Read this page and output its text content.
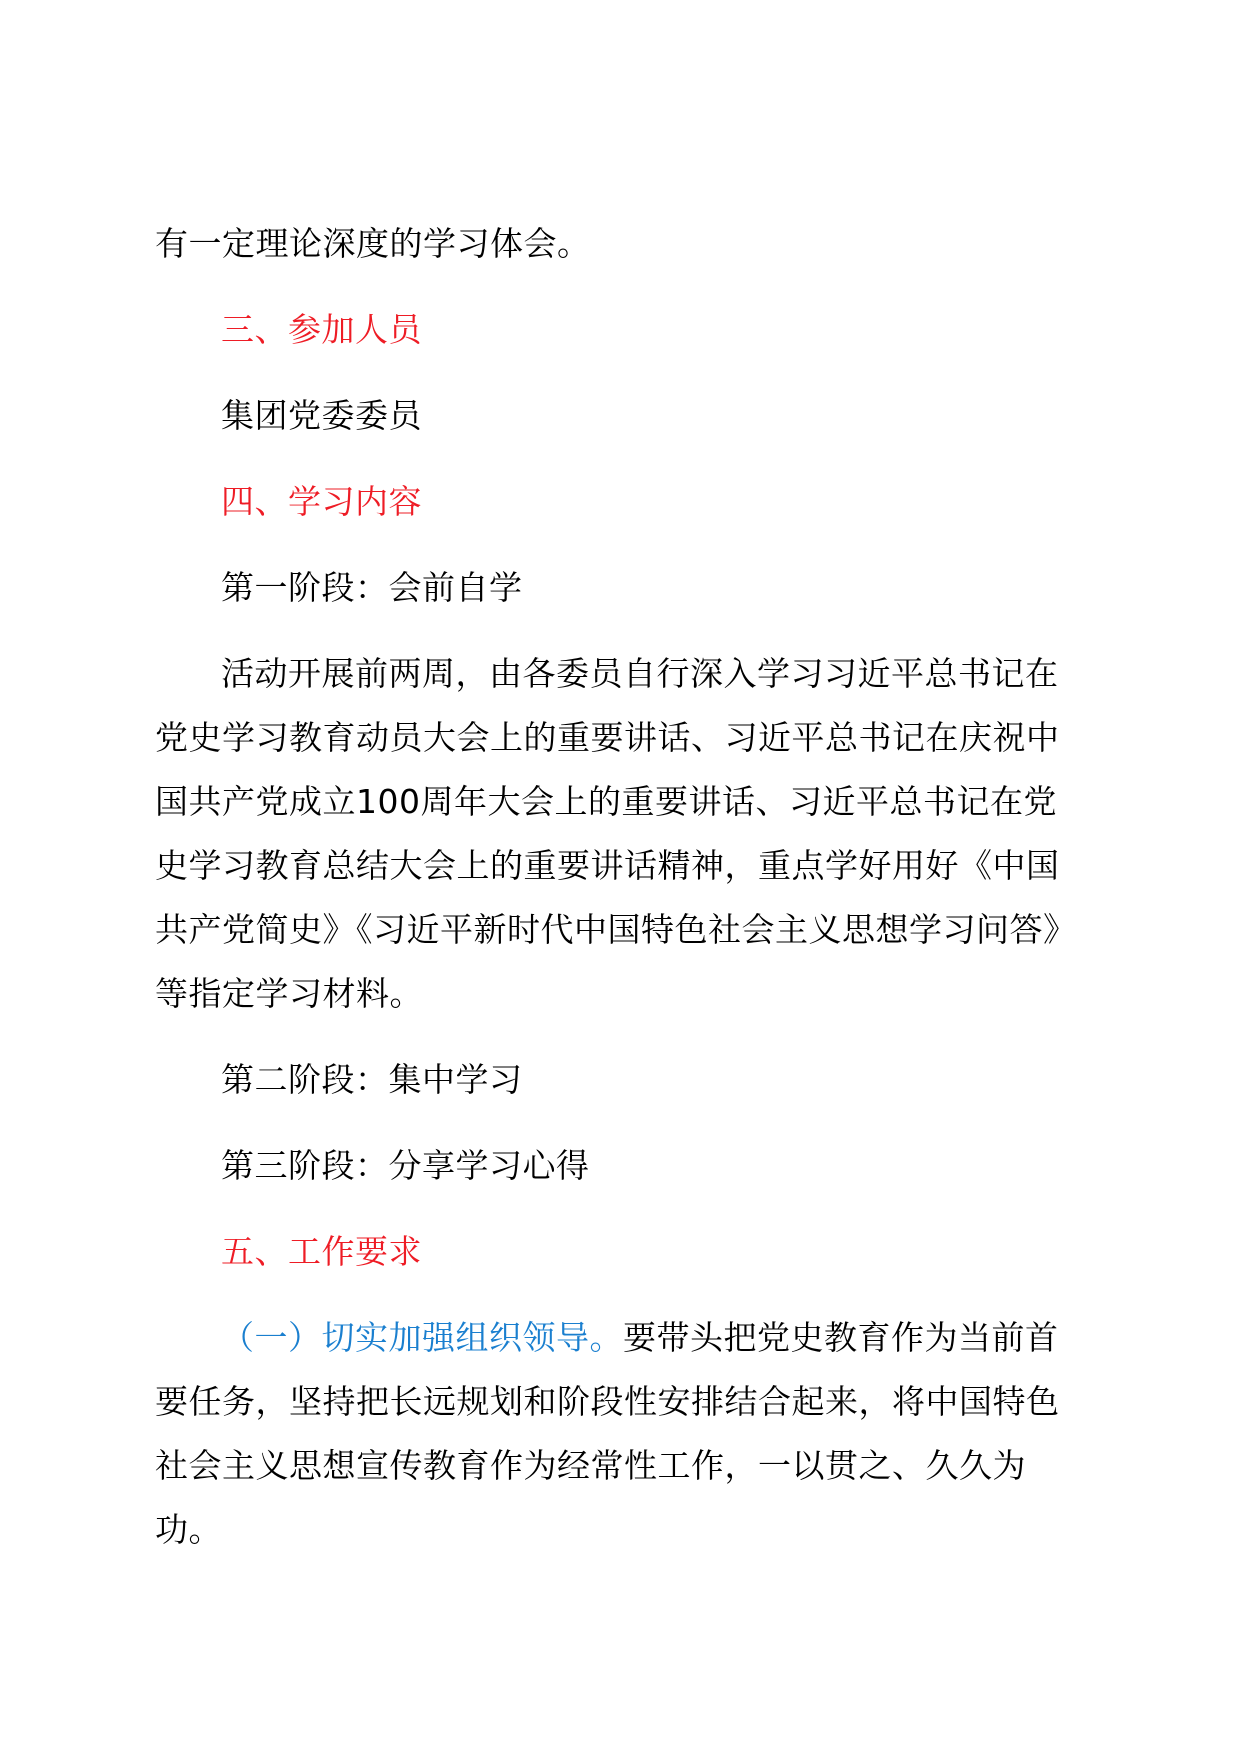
有一定理论深度的学习体会。

三、参加人员

集团党委委员

四、学习内容

第一阶段：会前自学

活动开展前两周，由各委员自行深入学习习近平总书记在党史学习教育动员大会上的重要讲话、习近平总书记在庆祝中国共产党成立100周年大会上的重要讲话、习近平总书记在党史学习教育总结大会上的重要讲话精神，重点学好用好《中国共产党简史》《习近平新时代中国特色社会主义思想学习问答》等指定学习材料。

第二阶段：集中学习

第三阶段：分享学习心得

五、工作要求

（一）切实加强组织领导。要带头把党史教育作为当前首要任务，坚持把长远规划和阶段性安排结合起来，将中国特色社会主义思想宣传教育作为经常性工作，一以贯之、久久为功。
